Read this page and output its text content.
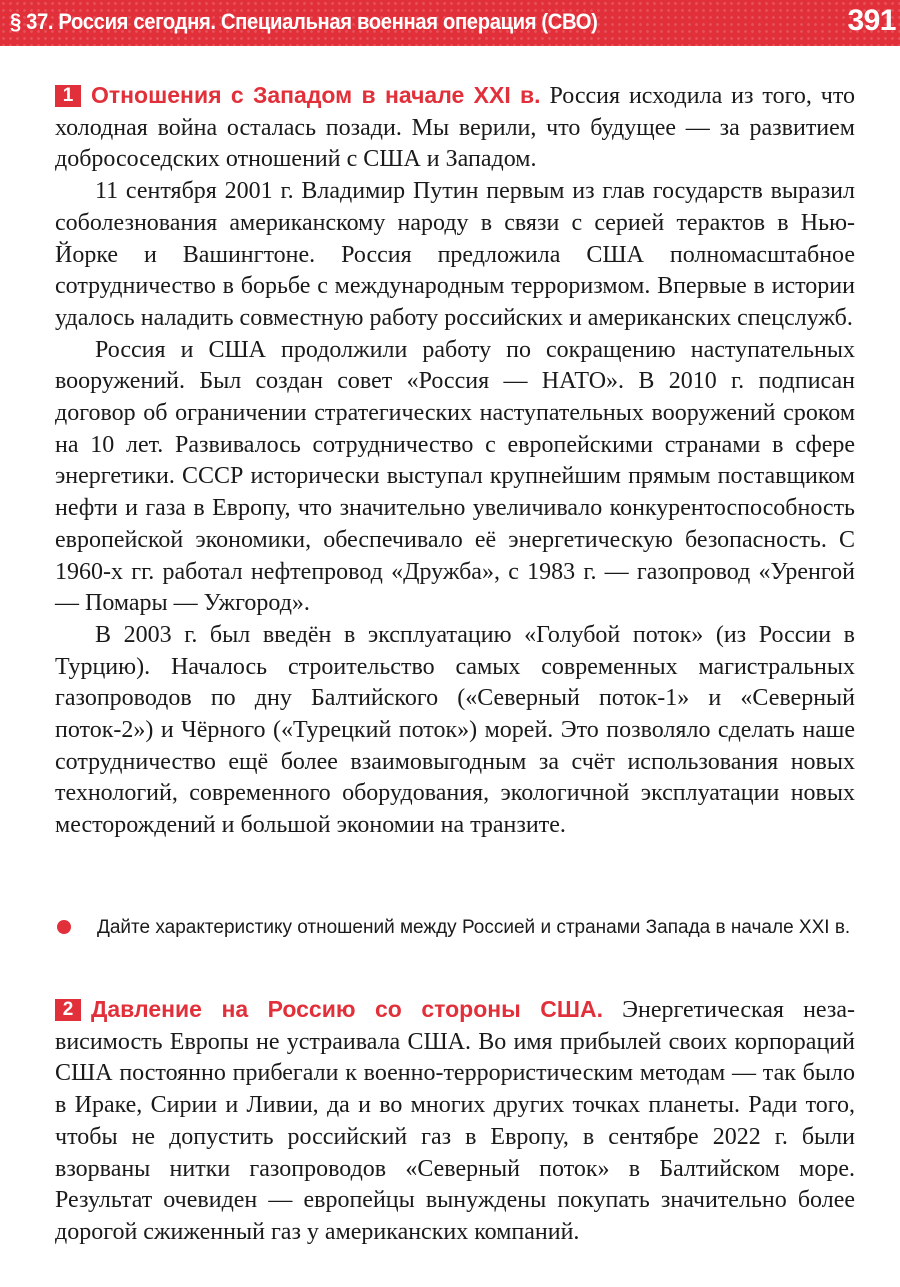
§ 37. Россия сегодня. Специальная военная операция (СВО)	391

1 Отношения с Западом в начале XXI в. Россия исходила из того, что холодная война осталась позади. Мы верили, что будущее — за развитием добрососедских отношений с США и Западом.

11 сентября 2001 г. Владимир Путин первым из глав государств выразил соболезнования американскому народу в связи с серией терактов в Нью-Йорке и Вашингтоне. Россия предложила США полномасштабное сотрудничество в борьбе с международным терроризмом. Впервые в истории удалось наладить совместную работу российских и американских спецслужб.

Россия и США продолжили работу по сокращению наступательных вооружений. Был создан совет «Россия — НАТО». В 2010 г. подписан договор об ограничении стратегических наступательных вооружений сроком на 10 лет. Развивалось сотрудничество с европейскими странами в сфере энергетики. СССР исторически выступал крупнейшим прямым поставщиком нефти и газа в Европу, что значительно увеличивало конкурентоспособность европейской экономики, обеспечивало её энергетическую безопасность. С 1960-х гг. работал нефтепровод «Дружба», с 1983 г. — газопровод «Уренгой — Помары — Ужгород».

В 2003 г. был введён в эксплуатацию «Голубой поток» (из России в Турцию). Началось строительство самых современных магистральных газопроводов по дну Балтийского («Северный поток-1» и «Северный поток-2») и Чёрного («Турецкий поток») морей. Это позволяло сделать наше сотрудничество ещё более взаимовыгодным за счёт использования новых технологий, современного оборудования, экологичной эксплуатации новых месторождений и большой экономии на транзите.

Дайте характеристику отношений между Россией и странами Запада в начале XXI в.

2 Давление на Россию со стороны США. Энергетическая независимость Европы не устраивала США. Во имя прибылей своих корпораций США постоянно прибегали к военно-террористическим методам — так было в Ираке, Сирии и Ливии, да и во многих других точках планеты. Ради того, чтобы не допустить российский газ в Европу, в сентябре 2022 г. были взорваны нитки газопроводов «Северный поток» в Балтийском море. Результат очевиден — европейцы вынуждены покупать значительно более дорогой сжиженный газ у американских компаний.
